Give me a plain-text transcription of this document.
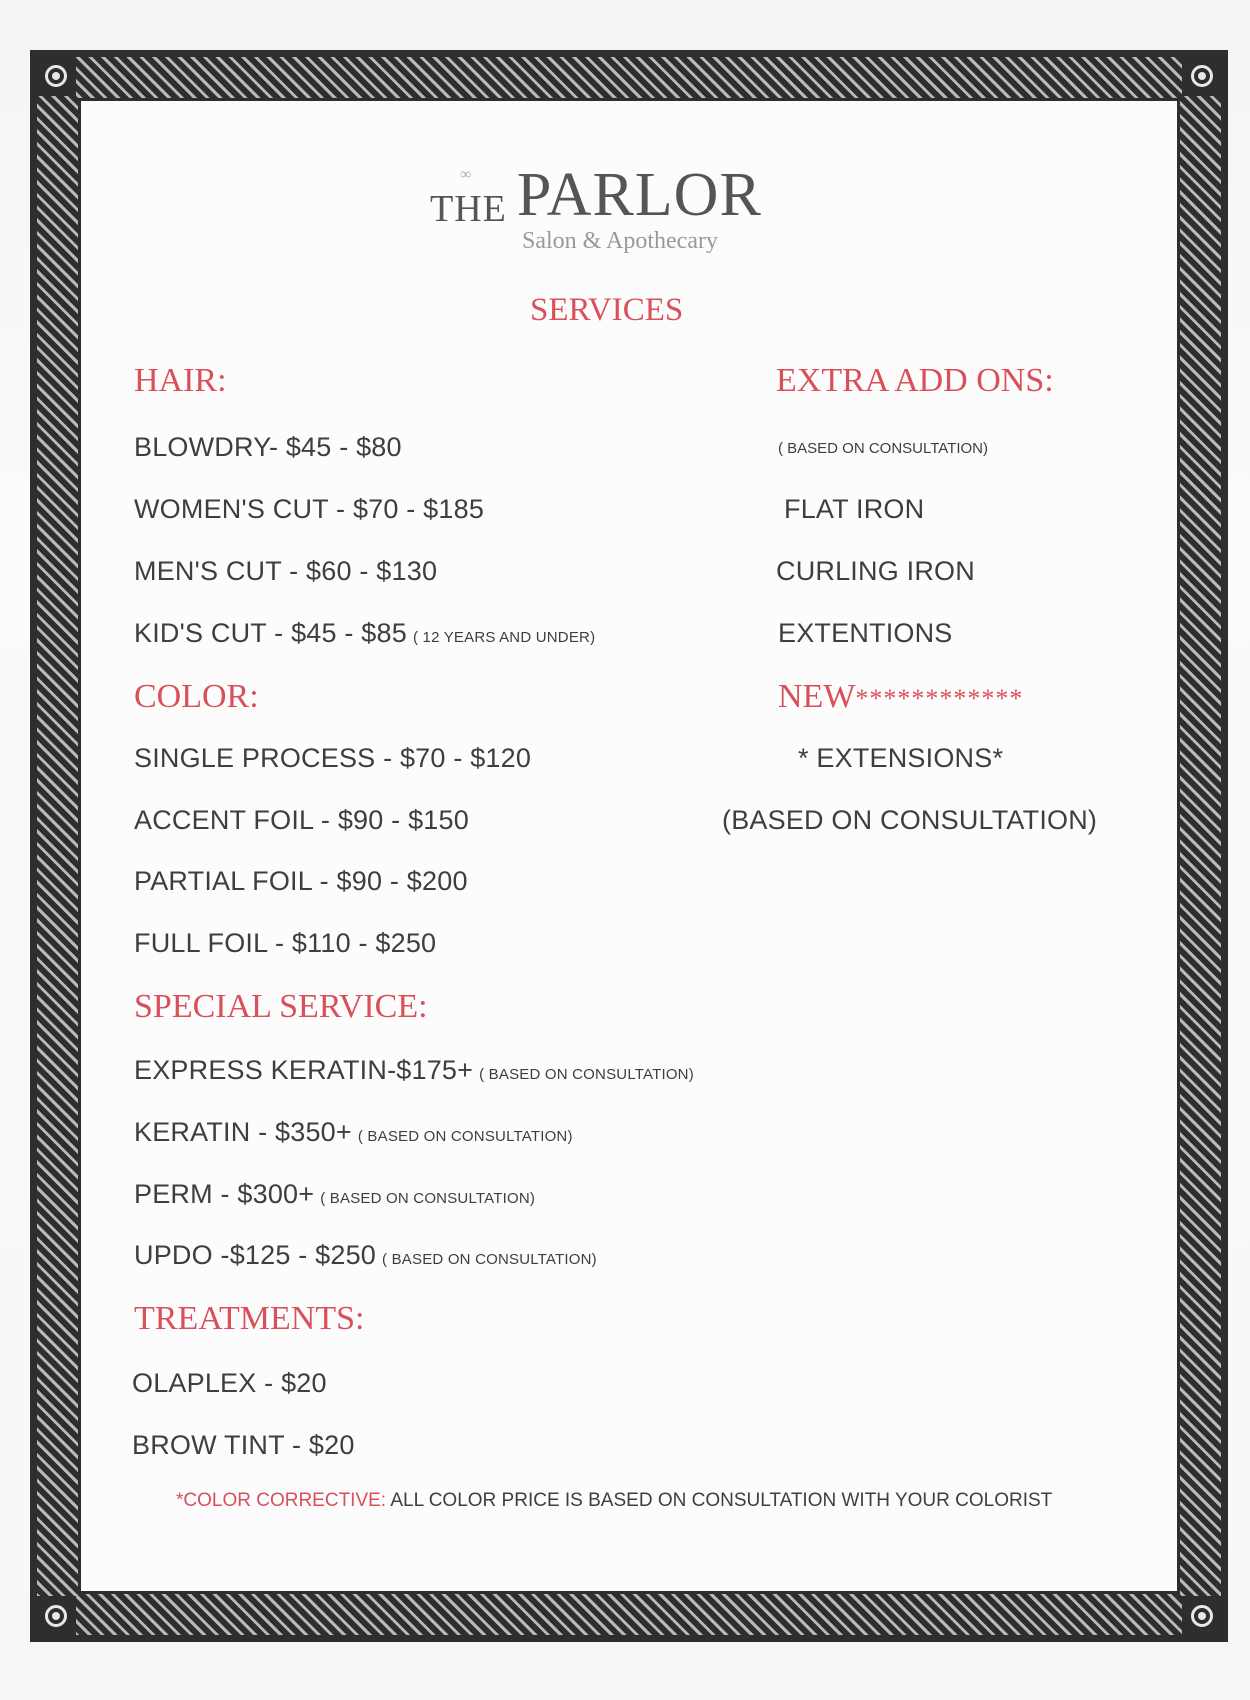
∞
THE PARLOR
Salon & Apothecary
SERVICES
HAIR:
BLOWDRY- $45 - $80
WOMEN'S CUT - $70 - $185
MEN'S CUT - $60 - $130
KID'S CUT - $45 - $85 ( 12 YEARS AND UNDER)
COLOR:
SINGLE PROCESS - $70 - $120
ACCENT FOIL - $90 - $150
PARTIAL FOIL - $90 - $200
FULL FOIL - $110 - $250
SPECIAL SERVICE:
EXPRESS KERATIN-$175+ ( BASED ON CONSULTATION)
KERATIN - $350+ ( BASED ON CONSULTATION)
PERM - $300+ ( BASED ON CONSULTATION)
UPDO -$125 - $250 ( BASED ON CONSULTATION)
TREATMENTS:
OLAPLEX - $20
BROW TINT - $20
EXTRA ADD ONS:
( BASED ON CONSULTATION)
FLAT IRON
CURLING IRON
EXTENTIONS
NEW************
* EXTENSIONS*
(BASED ON CONSULTATION)
*COLOR CORRECTIVE: ALL COLOR PRICE IS BASED ON CONSULTATION WITH YOUR COLORIST
